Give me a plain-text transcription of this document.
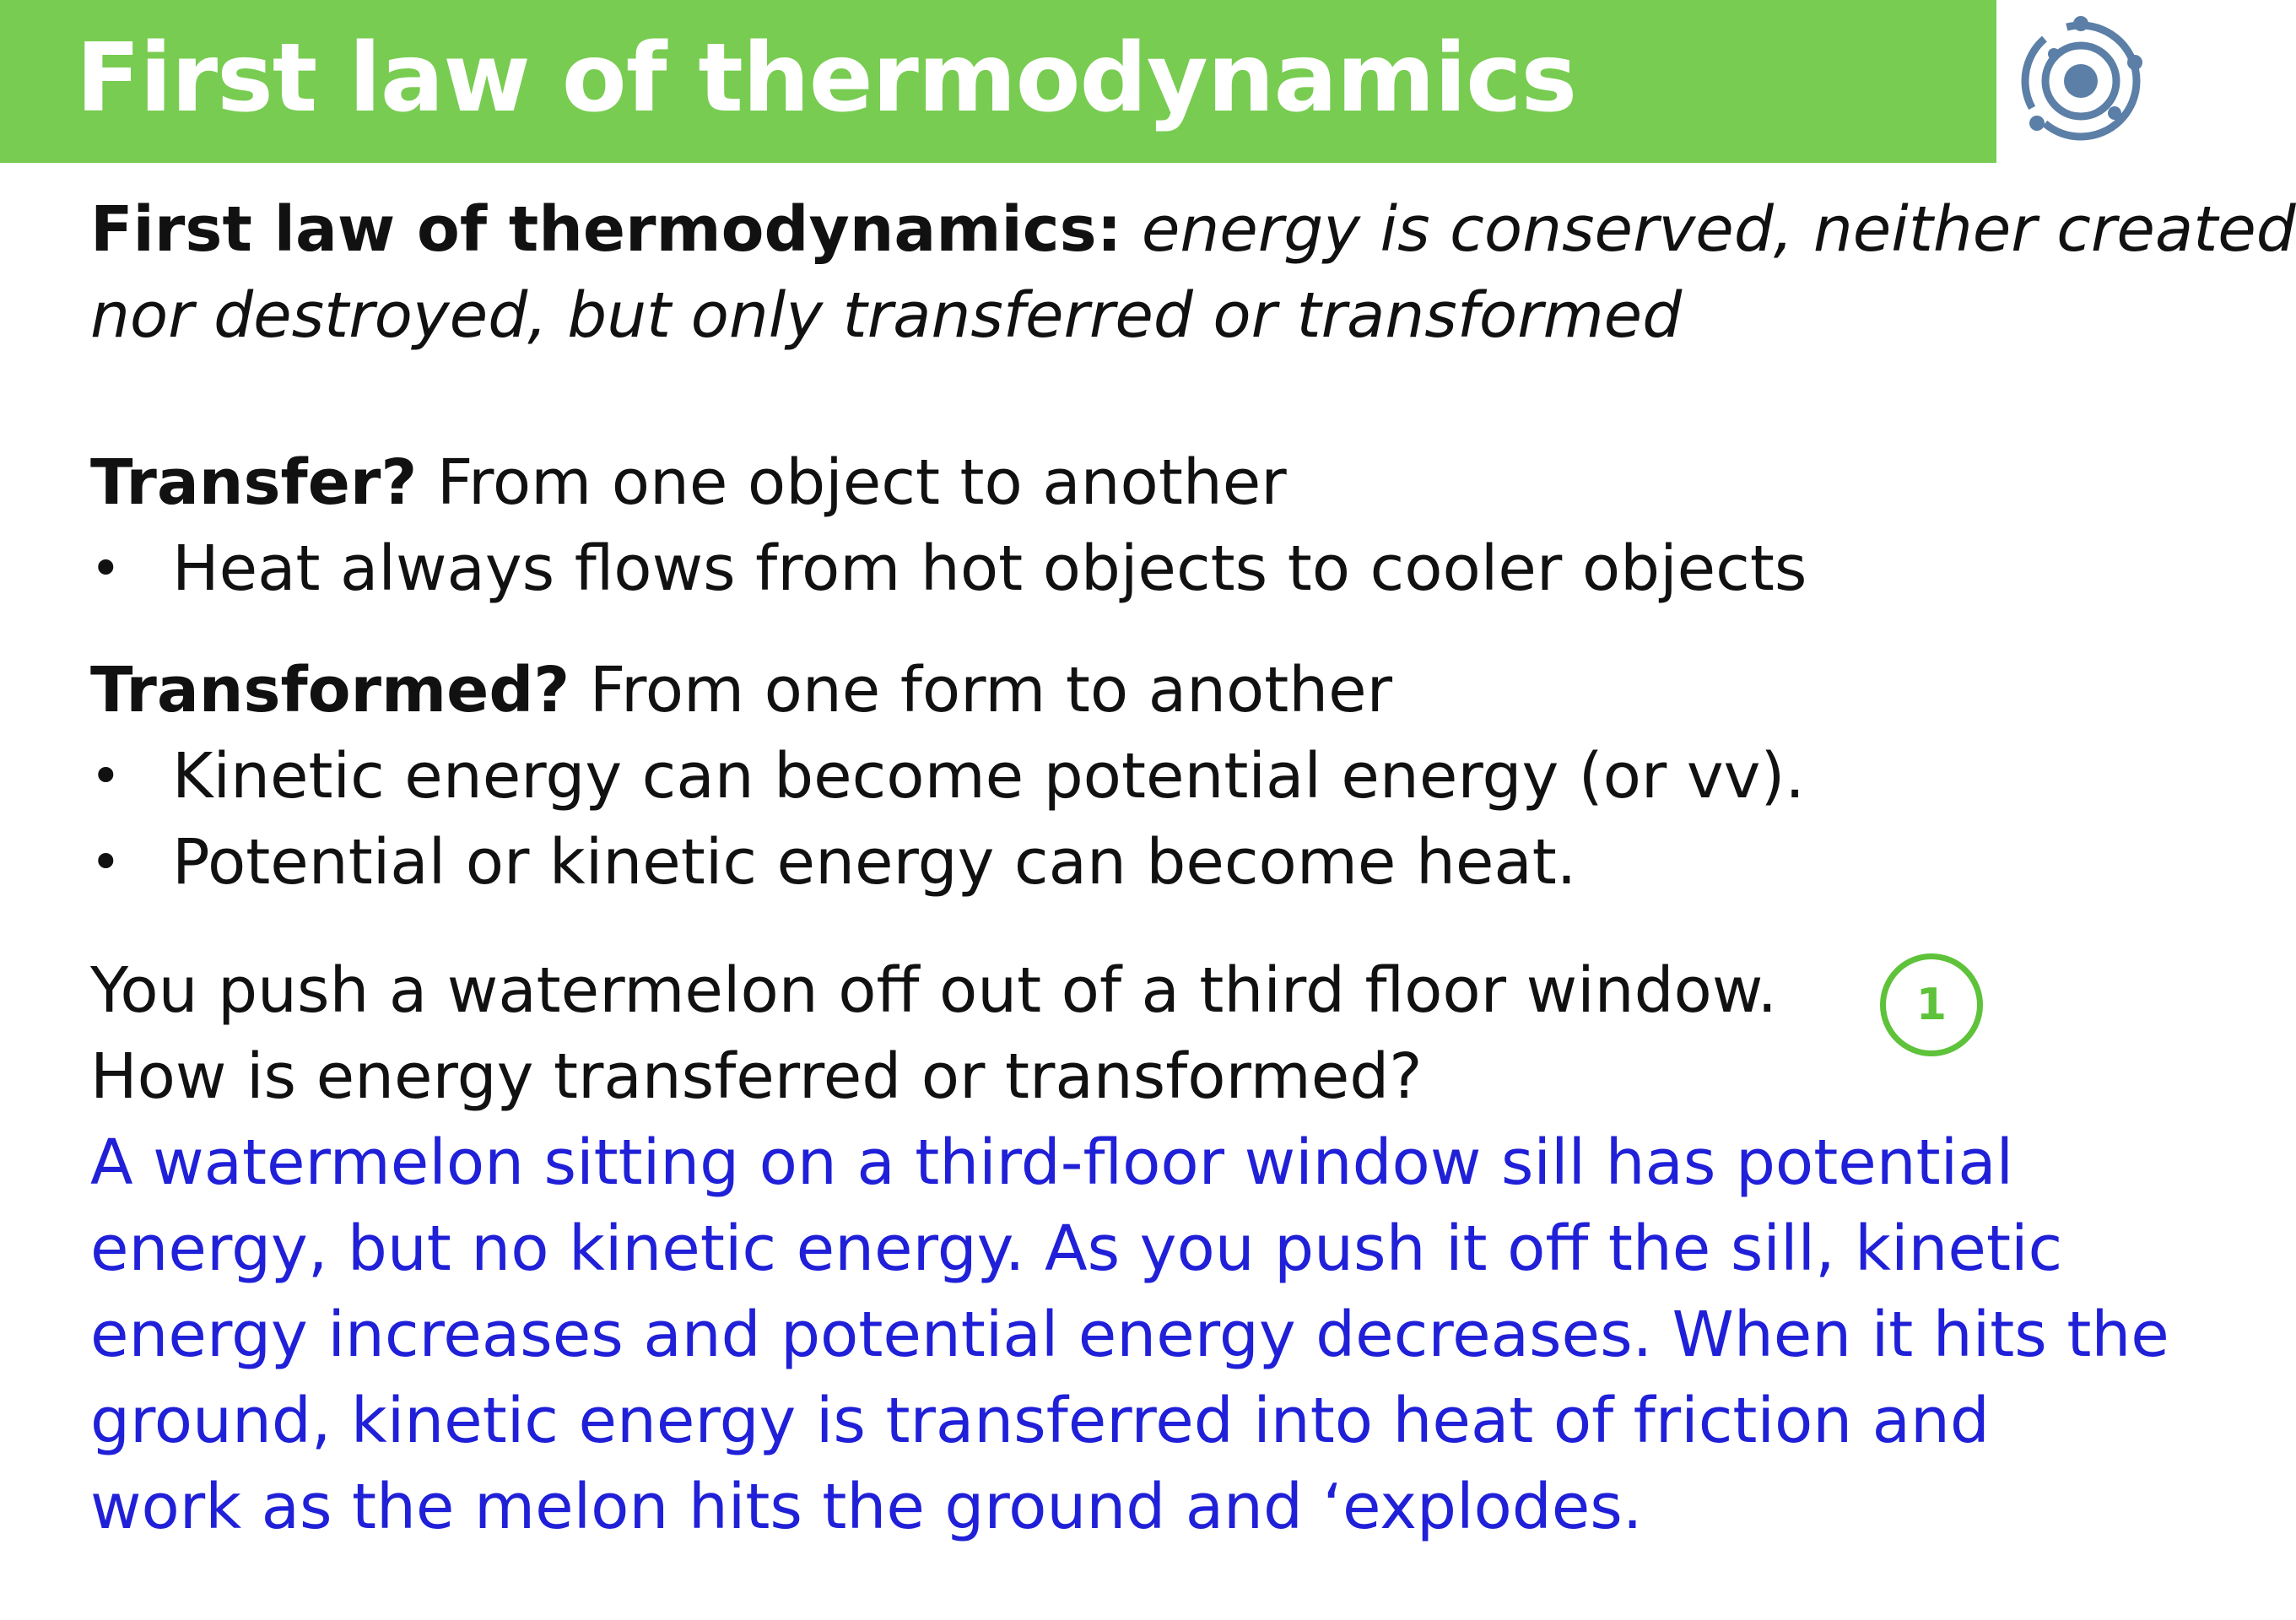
First law of thermodynamics
First law of thermodynamics: energy is conserved, neither created
nor destroyed, but only transferred or transformed
Transfer? From one object to another
• Heat always flows from hot objects to cooler objects
Transformed? From one form to another
• Kinetic energy can become potential energy (or vv).
• Potential or kinetic energy can become heat.
You push a watermelon off out of a third floor window.
How is energy transferred or transformed?
A watermelon sitting on a third-floor window sill has potential
energy, but no kinetic energy. As you push it off the sill, kinetic
energy increases and potential energy decreases. When it hits the
ground, kinetic energy is transferred into heat of friction and
work as the melon hits the ground and ‘explodes.
1
